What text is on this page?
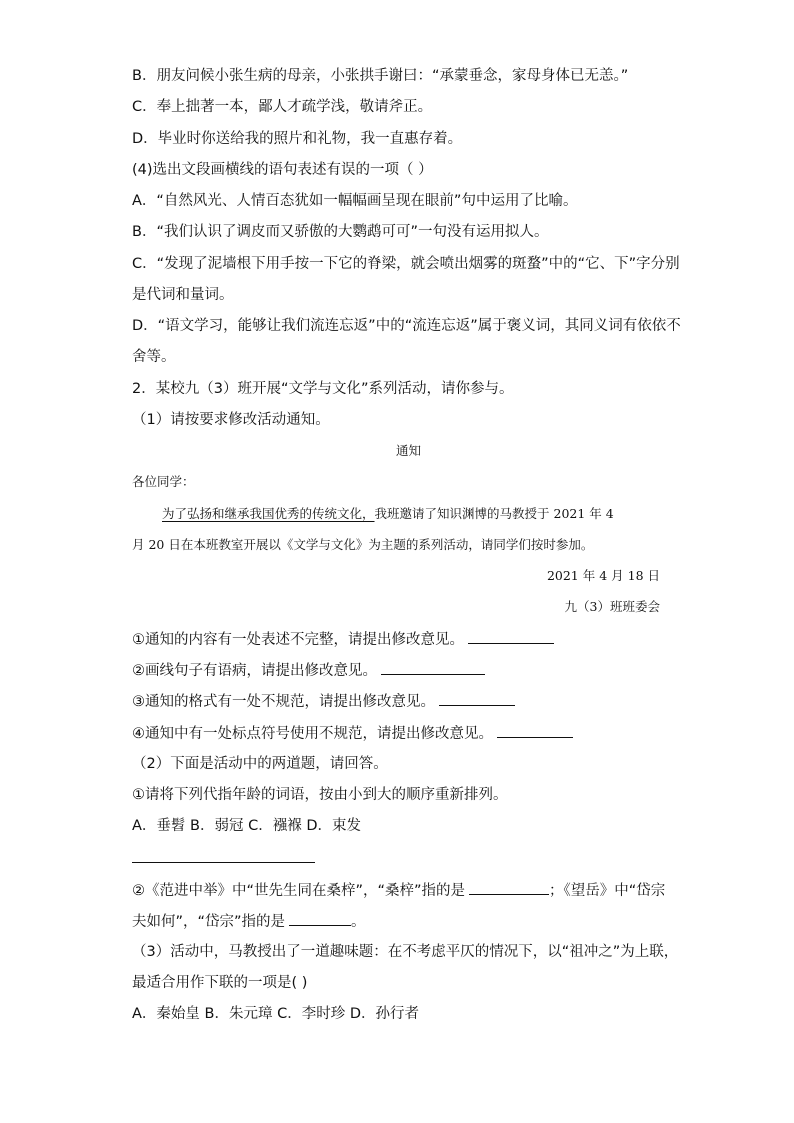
B．朋友问候小张生病的母亲，小张拱手谢曰：“承蒙垂念，家母身体已无恙。”
C．奉上拙著一本，鄙人才疏学浅，敬请斧正。
D．毕业时你送给我的照片和礼物，我一直惠存着。
(4)选出文段画横线的语句表述有误的一项（ ）
A．“自然风光、人情百态犹如一幅幅画呈现在眼前”句中运用了比喻。
B．“我们认识了调皮而又骄傲的大鹦鹉可可”一句没有运用拟人。
C．“发现了泥墙根下用手按一下它的脊梁，就会喷出烟雾的斑蝥”中的“它、下”字分别
是代词和量词。
D．“语文学习，能够让我们流连忘返”中的“流连忘返”属于褒义词，其同义词有依依不
舍等。
2．某校九（3）班开展“文学与文化”系列活动，请你参与。
（1）请按要求修改活动通知。
通知
各位同学：
为了弘扬和继承我国优秀的传统文化，我班邀请了知识渊博的马教授于 2021 年 4
月 20 日在本班教室开展以《文学与文化》为主题的系列活动，请同学们按时参加。
2021 年 4 月 18 日
九（3）班班委会
①通知的内容有一处表述不完整，请提出修改意见。
②画线句子有语病，请提出修改意见。
③通知的格式有一处不规范，请提出修改意见。
④通知中有一处标点符号使用不规范，请提出修改意见。
（2）下面是活动中的两道题，请回答。
①请将下列代指年龄的词语，按由小到大的顺序重新排列。
A．垂髫 B．弱冠 C．襁褓 D．束发
②《范进中举》中“世先生同在桑梓”，“桑梓”指的是	；《望岳》中“岱宗
夫如何”，“岱宗”指的是	。
（3）活动中，马教授出了一道趣味题：在不考虑平仄的情况下，以“祖冲之”为上联，
最适合用作下联的一项是( )
A．秦始皇 B．朱元璋 C．李时珍 D．孙行者
